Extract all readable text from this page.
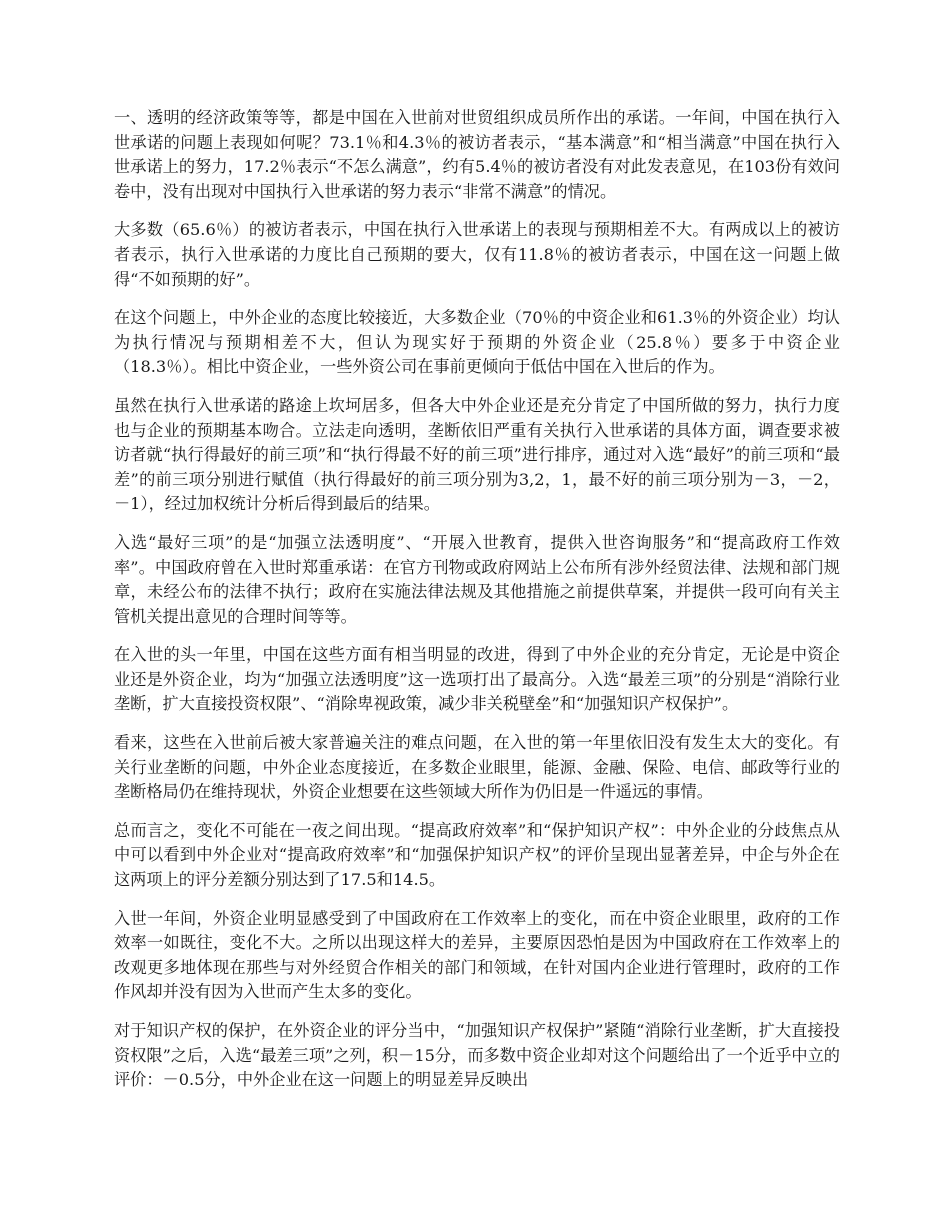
一、透明的经济政策等等，都是中国在入世前对世贸组织成员所作出的承诺。一年间，中国在执行入世承诺的问题上表现如何呢？73.1％和4.3％的被访者表示，“基本满意”和“相当满意”中国在执行入世承诺上的努力，17.2％表示“不怎么满意”，约有5.4％的被访者没有对此发表意见，在103份有效问卷中，没有出现对中国执行入世承诺的努力表示“非常不满意”的情况。

大多数（65.6％）的被访者表示，中国在执行入世承诺上的表现与预期相差不大。有两成以上的被访者表示，执行入世承诺的力度比自己预期的要大，仅有11.8％的被访者表示，中国在这一问题上做得“不如预期的好”。

在这个问题上，中外企业的态度比较接近，大多数企业（70％的中资企业和61.3％的外资企业）均认为执行情况与预期相差不大，但认为现实好于预期的外资企业（25.8％）要多于中资企业（18.3％）。相比中资企业，一些外资公司在事前更倾向于低估中国在入世后的作为。

虽然在执行入世承诺的路途上坎坷居多，但各大中外企业还是充分肯定了中国所做的努力，执行力度也与企业的预期基本吻合。立法走向透明，垄断依旧严重有关执行入世承诺的具体方面，调查要求被访者就“执行得最好的前三项”和“执行得最不好的前三项”进行排序，通过对入选“最好”的前三项和“最差”的前三项分别进行赋值（执行得最好的前三项分别为3,2，1，最不好的前三项分别为－3，－2，－1），经过加权统计分析后得到最后的结果。

入选“最好三项”的是“加强立法透明度”、“开展入世教育，提供入世咨询服务”和“提高政府工作效率”。中国政府曾在入世时郑重承诺：在官方刊物或政府网站上公布所有涉外经贸法律、法规和部门规章，未经公布的法律不执行；政府在实施法律法规及其他措施之前提供草案，并提供一段可向有关主管机关提出意见的合理时间等等。

在入世的头一年里，中国在这些方面有相当明显的改进，得到了中外企业的充分肯定，无论是中资企业还是外资企业，均为“加强立法透明度”这一选项打出了最高分。入选“最差三项”的分别是“消除行业垄断，扩大直接投资权限”、“消除卑视政策，减少非关税壁垒”和“加强知识产权保护”。

看来，这些在入世前后被大家普遍关注的难点问题，在入世的第一年里依旧没有发生太大的变化。有关行业垄断的问题，中外企业态度接近，在多数企业眼里，能源、金融、保险、电信、邮政等行业的垄断格局仍在维持现状，外资企业想要在这些领域大所作为仍旧是一件遥远的事情。

总而言之，变化不可能在一夜之间出现。“提高政府效率”和“保护知识产权”：中外企业的分歧焦点从中可以看到中外企业对“提高政府效率”和“加强保护知识产权”的评价呈现出显著差异，中企与外企在这两项上的评分差额分别达到了17.5和14.5。

入世一年间，外资企业明显感受到了中国政府在工作效率上的变化，而在中资企业眼里，政府的工作效率一如既往，变化不大。之所以出现这样大的差异，主要原因恐怕是因为中国政府在工作效率上的改观更多地体现在那些与对外经贸合作相关的部门和领域，在针对国内企业进行管理时，政府的工作作风却并没有因为入世而产生太多的变化。

对于知识产权的保护，在外资企业的评分当中，“加强知识产权保护”紧随“消除行业垄断，扩大直接投资权限”之后，入选“最差三项”之列，积－15分，而多数中资企业却对这个问题给出了一个近乎中立的评价：－0.5分，中外企业在这一问题上的明显差异反映出
